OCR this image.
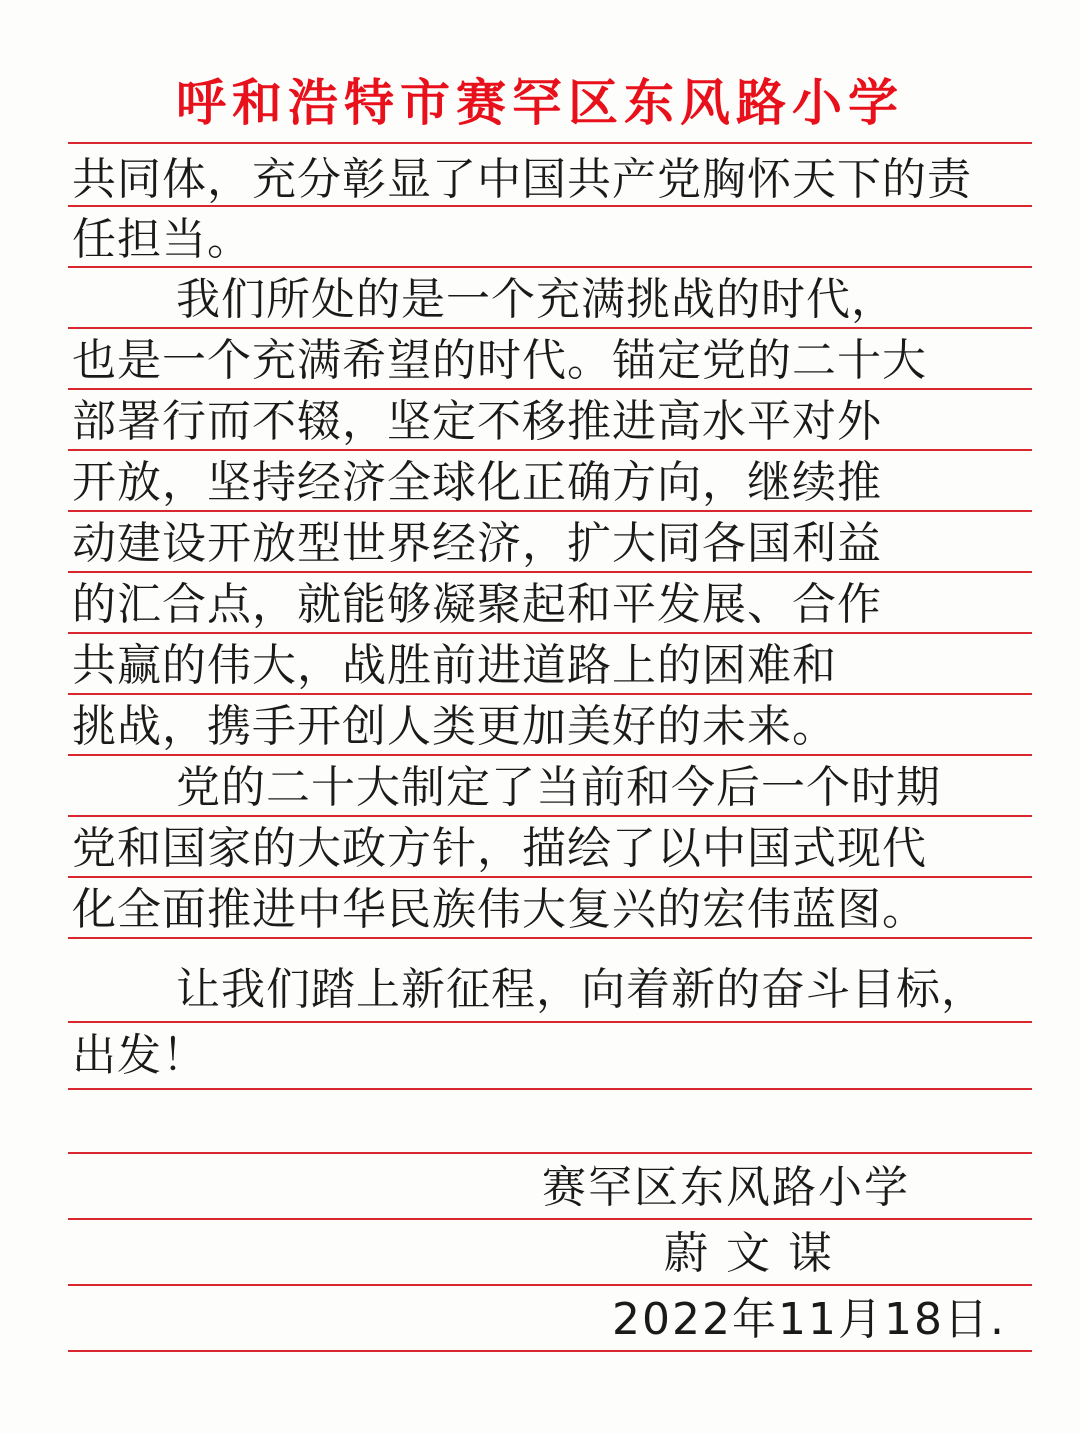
呼和浩特市赛罕区东风路小学
共同体，充分彰显了中国共产党胸怀天下的责
任担当。
我们所处的是一个充满挑战的时代，
也是一个充满希望的时代。锚定党的二十大
部署行而不辍，坚定不移推进高水平对外
开放，坚持经济全球化正确方向，继续推
动建设开放型世界经济，扩大同各国利益
的汇合点，就能够凝聚起和平发展、合作
共赢的伟大，战胜前进道路上的困难和
挑战，携手开创人类更加美好的未来。
党的二十大制定了当前和今后一个时期
党和国家的大政方针，描绘了以中国式现代
化全面推进中华民族伟大复兴的宏伟蓝图。
让我们踏上新征程，向着新的奋斗目标，
出发！
赛罕区东风路小学
蔚文谋
2022年11月18日.
